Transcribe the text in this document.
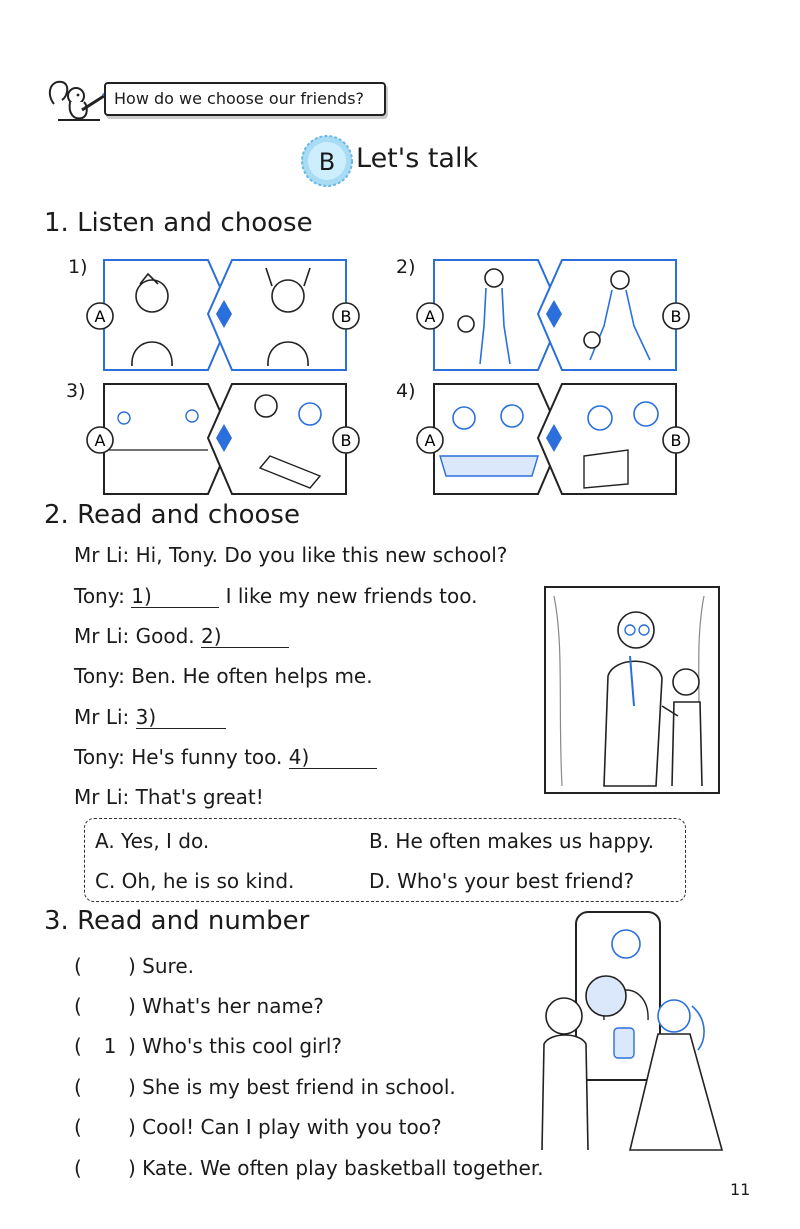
How do we choose our friends?
B Let's talk
1. Listen and choose
1)	2)
3)	4)
A	B	A	B
A	B	A	B
2. Read and choose
Mr Li: Hi, Tony. Do you like this new school?
Tony: 1)	I like my new friends too.
Mr Li: Good. 2)
Tony: Ben. He often helps me.
Mr Li: 3)
Tony: He's funny too. 4)
Mr Li: That's great!
A. Yes, I do.	B. He often makes us happy.
C. Oh, he is so kind.	D. Who's your best friend?
3. Read and number
( ) Sure.
( ) What's her name?
( 1 ) Who's this cool girl?
( ) She is my best friend in school.
( ) Cool! Can I play with you too?
( ) Kate. We often play basketball together.
11
